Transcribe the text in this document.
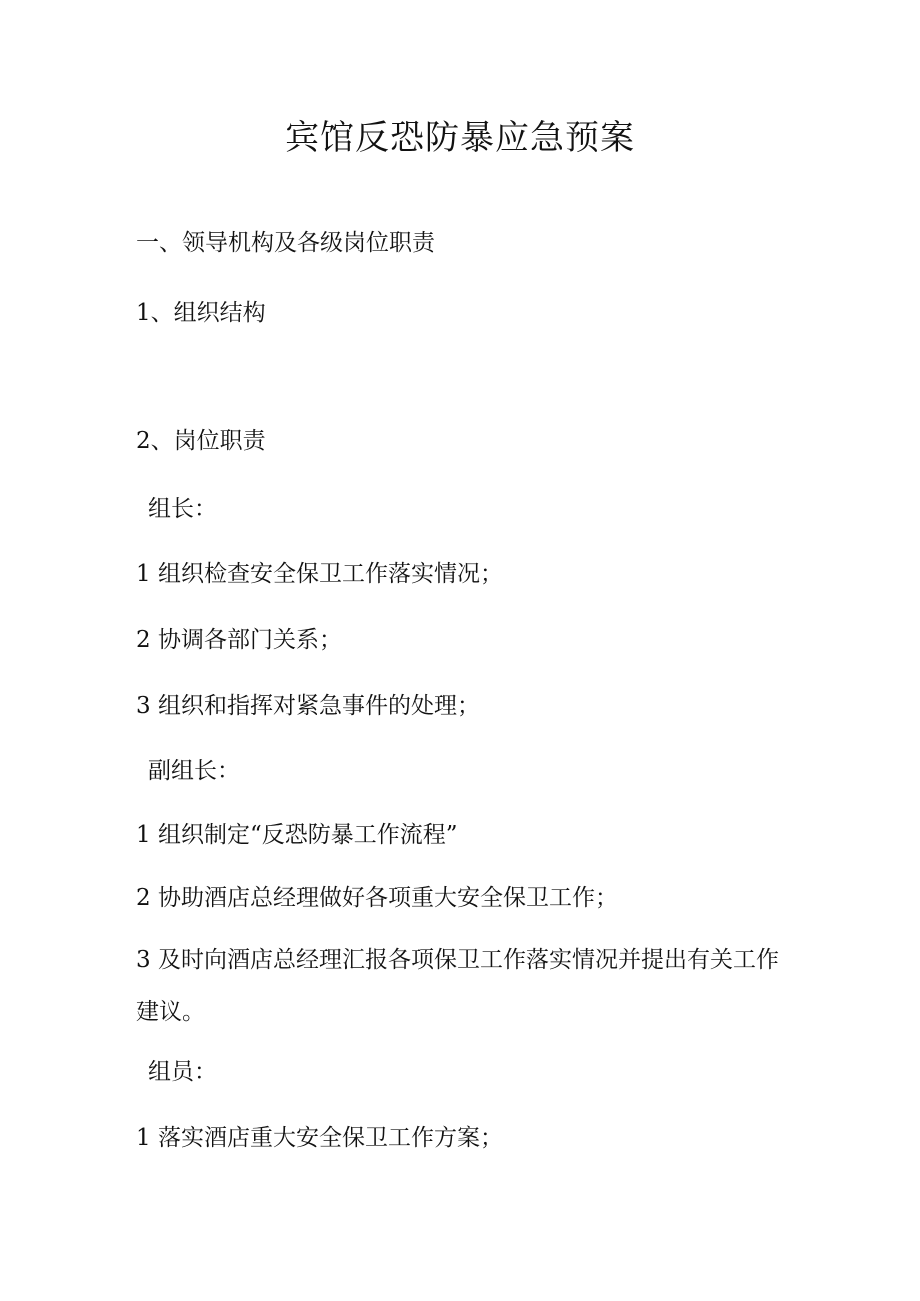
宾馆反恐防暴应急预案
一、领导机构及各级岗位职责
1、组织结构
2、岗位职责
组长：
1 组织检查安全保卫工作落实情况；
2 协调各部门关系；
3 组织和指挥对紧急事件的处理；
副组长：
1 组织制定“反恐防暴工作流程”
2 协助酒店总经理做好各项重大安全保卫工作；
3 及时向酒店总经理汇报各项保卫工作落实情况并提出有关工作建议。
组员：
1 落实酒店重大安全保卫工作方案；
